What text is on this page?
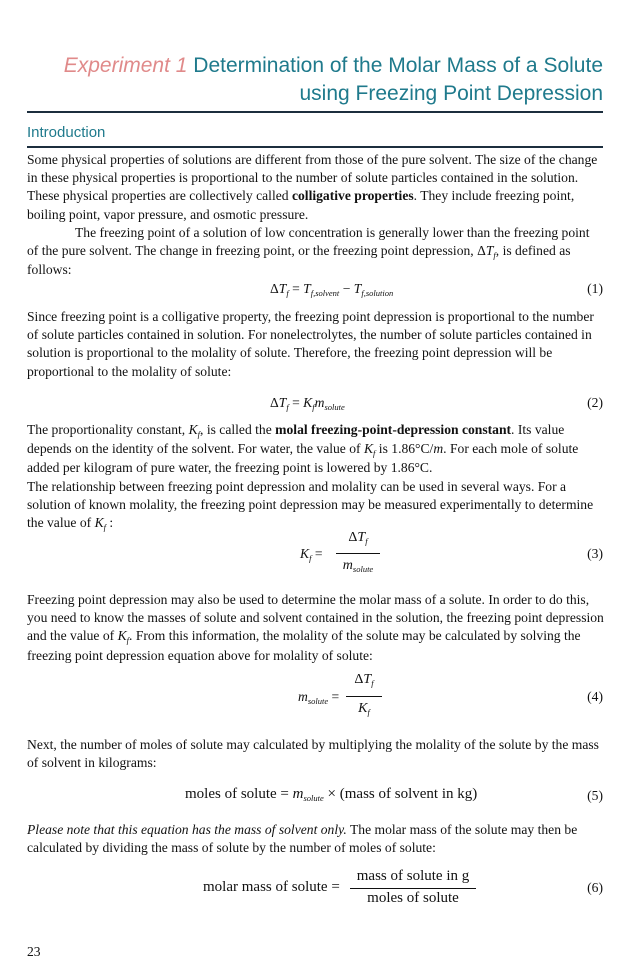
Experiment 1 Determination of the Molar Mass of a Solute
using Freezing Point Depression
Introduction
Some physical properties of solutions are different from those of the pure solvent. The size of the change in these physical properties is proportional to the number of solute particles contained in the solution. These physical properties are collectively called colligative properties. They include freezing point, boiling point, vapor pressure, and osmotic pressure.
The freezing point of a solution of low concentration is generally lower than the freezing point of the pure solvent. The change in freezing point, or the freezing point depression, $\Delta T_f$, is defined as follows:
$\Delta T_f = T_{f,solvent} - T_{f,solution}$	(1)
Since freezing point is a colligative property, the freezing point depression is proportional to the number of solute particles contained in solution. For nonelectrolytes, the number of solute particles contained in solution is proportional to the molality of solute. Therefore, the freezing point depression will be proportional to the molality of solute:
$\Delta T_f = K_fm_{solute}$	(2)
The proportionality constant, $K_f$, is called the molal freezing-point-depression constant. Its value depends on the identity of the solvent. For water, the value of $K_f$ is 1.86°C/m. For each mole of solute added per kilogram of pure water, the freezing point is lowered by 1.86°C.
The relationship between freezing point depression and molality can be used in several ways. For a solution of known molality, the freezing point depression may be measured experimentally to determine the value of $K_f$ :
$K_f$ =
$\Delta T_f$
$m_{solute}$
(3)
Freezing point depression may also be used to determine the molar mass of a solute. In order to do this, you need to know the masses of solute and solvent contained in the solution, the freezing point depression and the value of $K_f$. From this information, the molality of the solute may be calculated by solving the freezing point depression equation above for molality of solute:
$m_{solute}$ =
$\Delta T_f$
$K_f$
(4)
Next, the number of moles of solute may calculated by multiplying the molality of the solute by the mass of solvent in kilograms:
moles of solute = $m_{solute}$ × (mass of solvent in kg)	(5)
Please note that this equation has the mass of solvent only. The molar mass of the solute may then be calculated by dividing the mass of solute by the number of moles of solute:
molar mass of solute =
mass of solute in g
moles of solute
(6)
23
